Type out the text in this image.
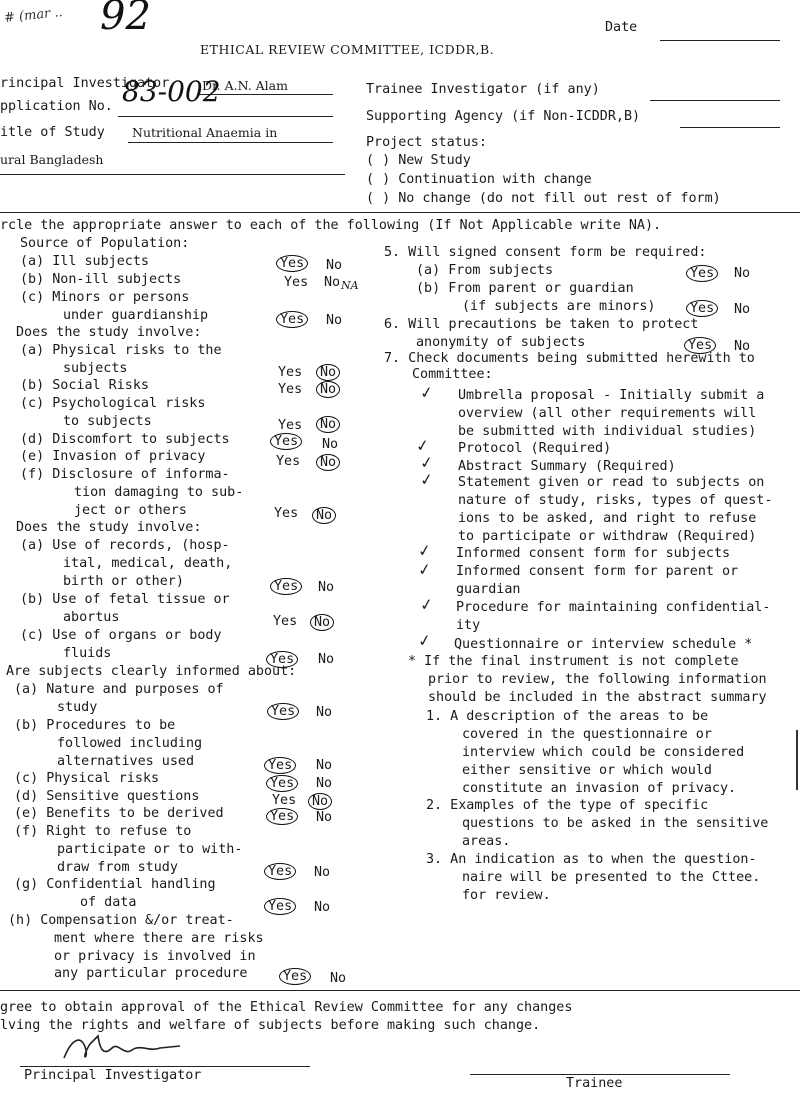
# (mar .. 92
ETHICAL REVIEW COMMITTEE, ICDDR,B.
Date
rincipal Investigator	Dr. A.N. Alam
pplication No. 83-002
itle of Study Nutritional Anaemia in
ural Bangladesh
Trainee Investigator (if any)
Supporting Agency (if Non-ICDDR,B)
Project status:
( ) New Study
( ) Continuation with change
( ) No change (do not fill out rest of form)
rcle the appropriate answer to each of the following (If Not Applicable write NA).
Source of Population:
(a) Ill subjects	Yes No
(b) Non-ill subjects	Yes No NA
(c) Minors or persons
under guardianship	Yes No
Does the study involve:
(a) Physical risks to the
subjects	Yes No
(b) Social Risks	Yes No
(c) Psychological risks
to subjects	Yes No
(d) Discomfort to subjects	Yes No
(e) Invasion of privacy	Yes No
(f) Disclosure of informa-
tion damaging to sub-
ject or others	Yes No
Does the study involve:
(a) Use of records, (hosp-
ital, medical, death,
birth or other)	Yes No
(b) Use of fetal tissue or
abortus	Yes No
(c) Use of organs or body
fluids	Yes No
Are subjects clearly informed about:
(a) Nature and purposes of
study	Yes No
(b) Procedures to be
followed including
alternatives used	Yes No
(c) Physical risks	Yes No
(d) Sensitive questions	Yes No
(e) Benefits to be derived	Yes No
(f) Right to refuse to
participate or to with-
draw from study	Yes No
(g) Confidential handling
of data	Yes No
(h) Compensation &/or treat-
ment where there are risks
or privacy is involved in
any particular procedure	Yes No
5. Will signed consent form be required:
(a) From subjects	Yes No
(b) From parent or guardian
(if subjects are minors)	Yes No
6. Will precautions be taken to protect
anonymity of subjects	Yes No
7. Check documents being submitted herewith to
Committee:
✓ Umbrella proposal - Initially submit a
overview (all other requirements will
be submitted with individual studies)
✓ Protocol (Required)
✓ Abstract Summary (Required)
✓ Statement given or read to subjects on
nature of study, risks, types of quest-
ions to be asked, and right to refuse
to participate or withdraw (Required)
✓ Informed consent form for subjects
✓ Informed consent form for parent or
guardian
✓ Procedure for maintaining confidential-
ity
✓ Questionnaire or interview schedule *
* If the final instrument is not complete
prior to review, the following information
should be included in the abstract summary
1. A description of the areas to be
covered in the questionnaire or
interview which could be considered
either sensitive or which would
constitute an invasion of privacy.
2. Examples of the type of specific
questions to be asked in the sensitive
areas.
3. An indication as to when the question-
naire will be presented to the Cttee.
for review.
gree to obtain approval of the Ethical Review Committee for any changes
lving the rights and welfare of subjects before making such change.
Principal Investigator
Trainee
